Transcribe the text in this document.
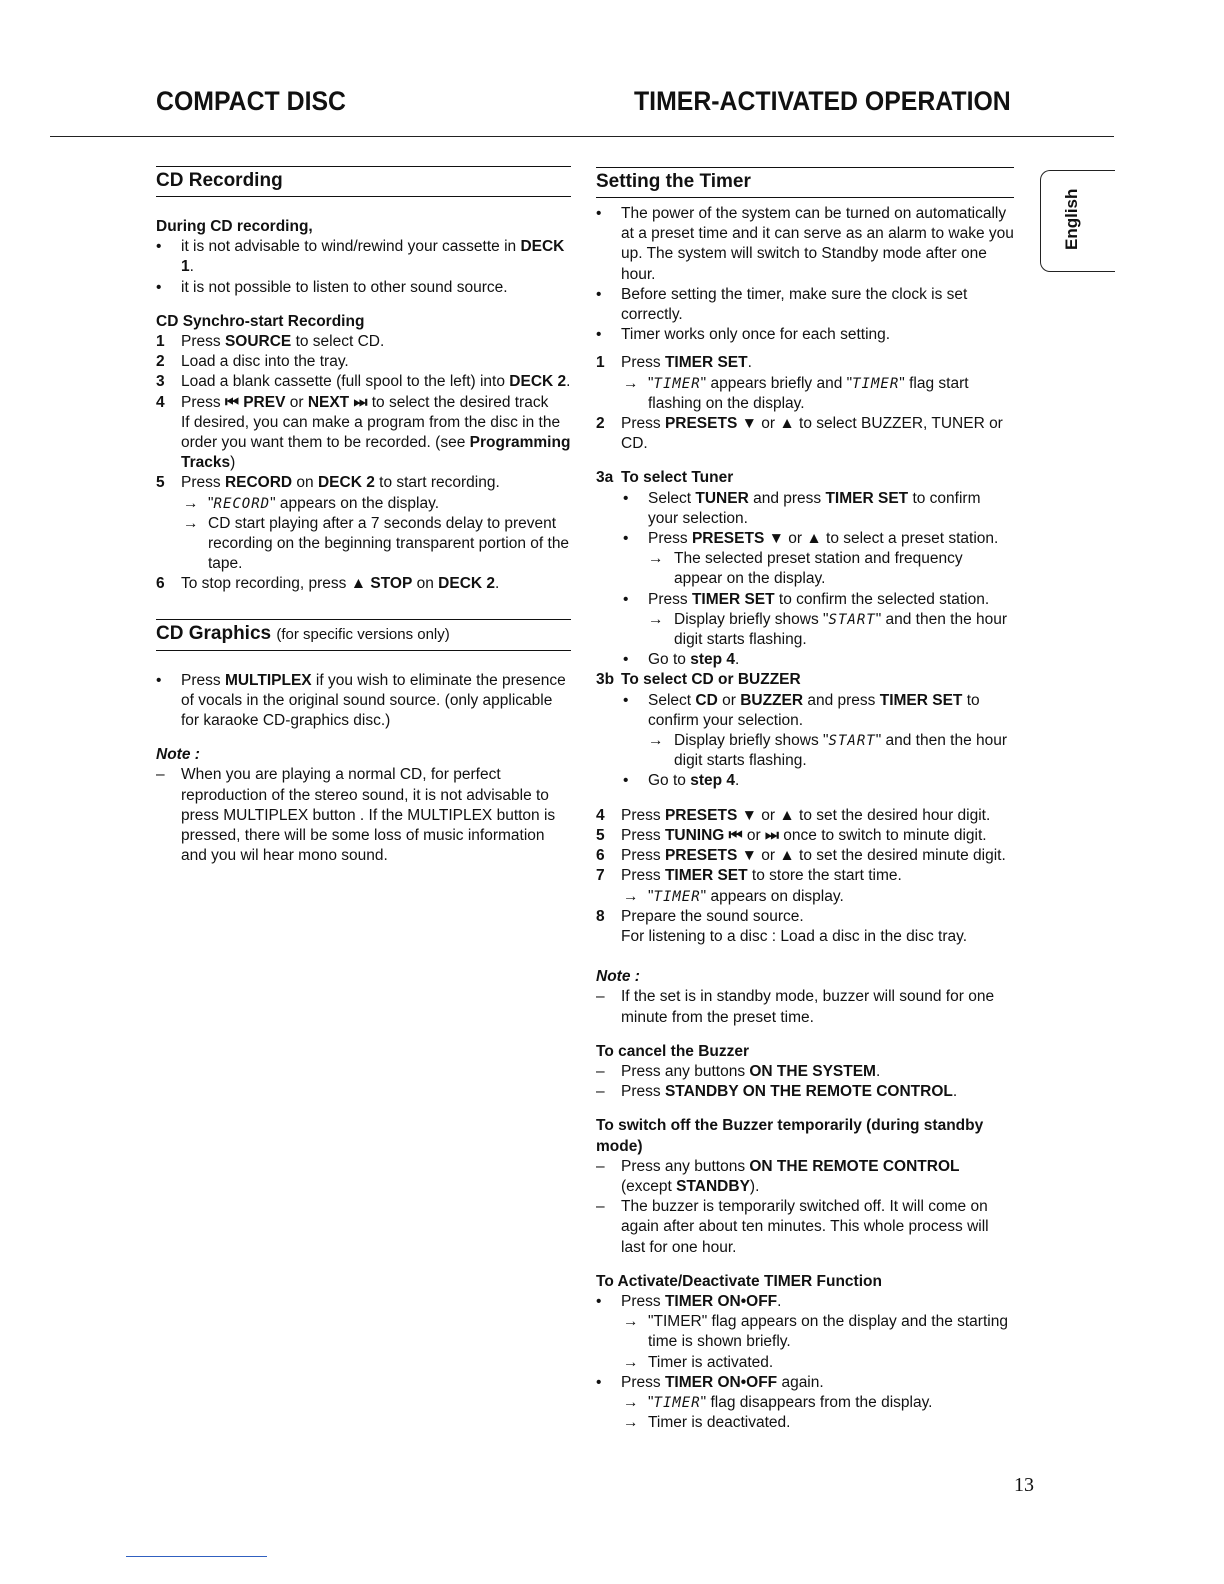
COMPACT DISC	TIMER-ACTIVATED OPERATION
English
CD Recording
During CD recording,
• it is not advisable to wind/rewind your cassette in DECK 1.
• it is not possible to listen to other sound source.
CD Synchro-start Recording
1 Press SOURCE to select CD.
2 Load a disc into the tray.
3 Load a blank cassette (full spool to the left) into DECK 2.
4 Press ⏮ PREV or NEXT ⏭ to select the desired track
If desired, you can make a program from the disc in the order you want them to be recorded. (see Programming Tracks)
5 Press RECORD on DECK 2 to start recording.
→ "RECORD" appears on the display.
→ CD start playing after a 7 seconds delay to prevent recording on the beginning transparent portion of the tape.
6 To stop recording, press ▲ STOP on DECK 2.
CD Graphics (for specific versions only)
• Press MULTIPLEX if you wish to eliminate the presence of vocals in the original sound source. (only applicable for karaoke CD-graphics disc.)
Note :
– When you are playing a normal CD, for perfect reproduction of the stereo sound, it is not advisable to press MULTIPLEX button . If the MULTIPLEX button is pressed, there will be some loss of music information and you wil hear mono sound.
Setting the Timer
• The power of the system can be turned on automatically at a preset time and it can serve as an alarm to wake you up. The system will switch to Standby mode after one hour.
• Before setting the timer, make sure the clock is set correctly.
• Timer works only once for each setting.
1 Press TIMER SET.
→ "TIMER" appears briefly and "TIMER" flag start flashing on the display.
2 Press PRESETS ▼ or ▲ to select BUZZER, TUNER or CD.
3a To select Tuner
• Select TUNER and press TIMER SET to confirm your selection.
• Press PRESETS ▼ or ▲ to select a preset station.
→ The selected preset station and frequency appear on the display.
• Press TIMER SET to confirm the selected station.
→ Display briefly shows "START" and then the hour digit starts flashing.
• Go to step 4.
3b To select CD or BUZZER
• Select CD or BUZZER and press TIMER SET to confirm your selection.
→ Display briefly shows "START" and then the hour digit starts flashing.
• Go to step 4.
4 Press PRESETS ▼ or ▲ to set the desired hour digit.
5 Press TUNING ⏮ or ⏭ once to switch to minute digit.
6 Press PRESETS ▼ or ▲ to set the desired minute digit.
7 Press TIMER SET to store the start time.
→ "TIMER" appears on display.
8 Prepare the sound source.
For listening to a disc : Load a disc in the disc tray.
Note :
– If the set is in standby mode, buzzer will sound for one minute from the preset time.
To cancel the Buzzer
– Press any buttons ON THE SYSTEM.
– Press STANDBY ON THE REMOTE CONTROL.
To switch off the Buzzer temporarily (during standby mode)
– Press any buttons ON THE REMOTE CONTROL (except STANDBY).
– The buzzer is temporarily switched off. It will come on again after about ten minutes. This whole process will last for one hour.
To Activate/Deactivate TIMER Function
• Press TIMER ON•OFF.
→ "TIMER" flag appears on the display and the starting time is shown briefly.
→ Timer is activated.
• Press TIMER ON•OFF again.
→ "TIMER" flag disappears from the display.
→ Timer is deactivated.
13
